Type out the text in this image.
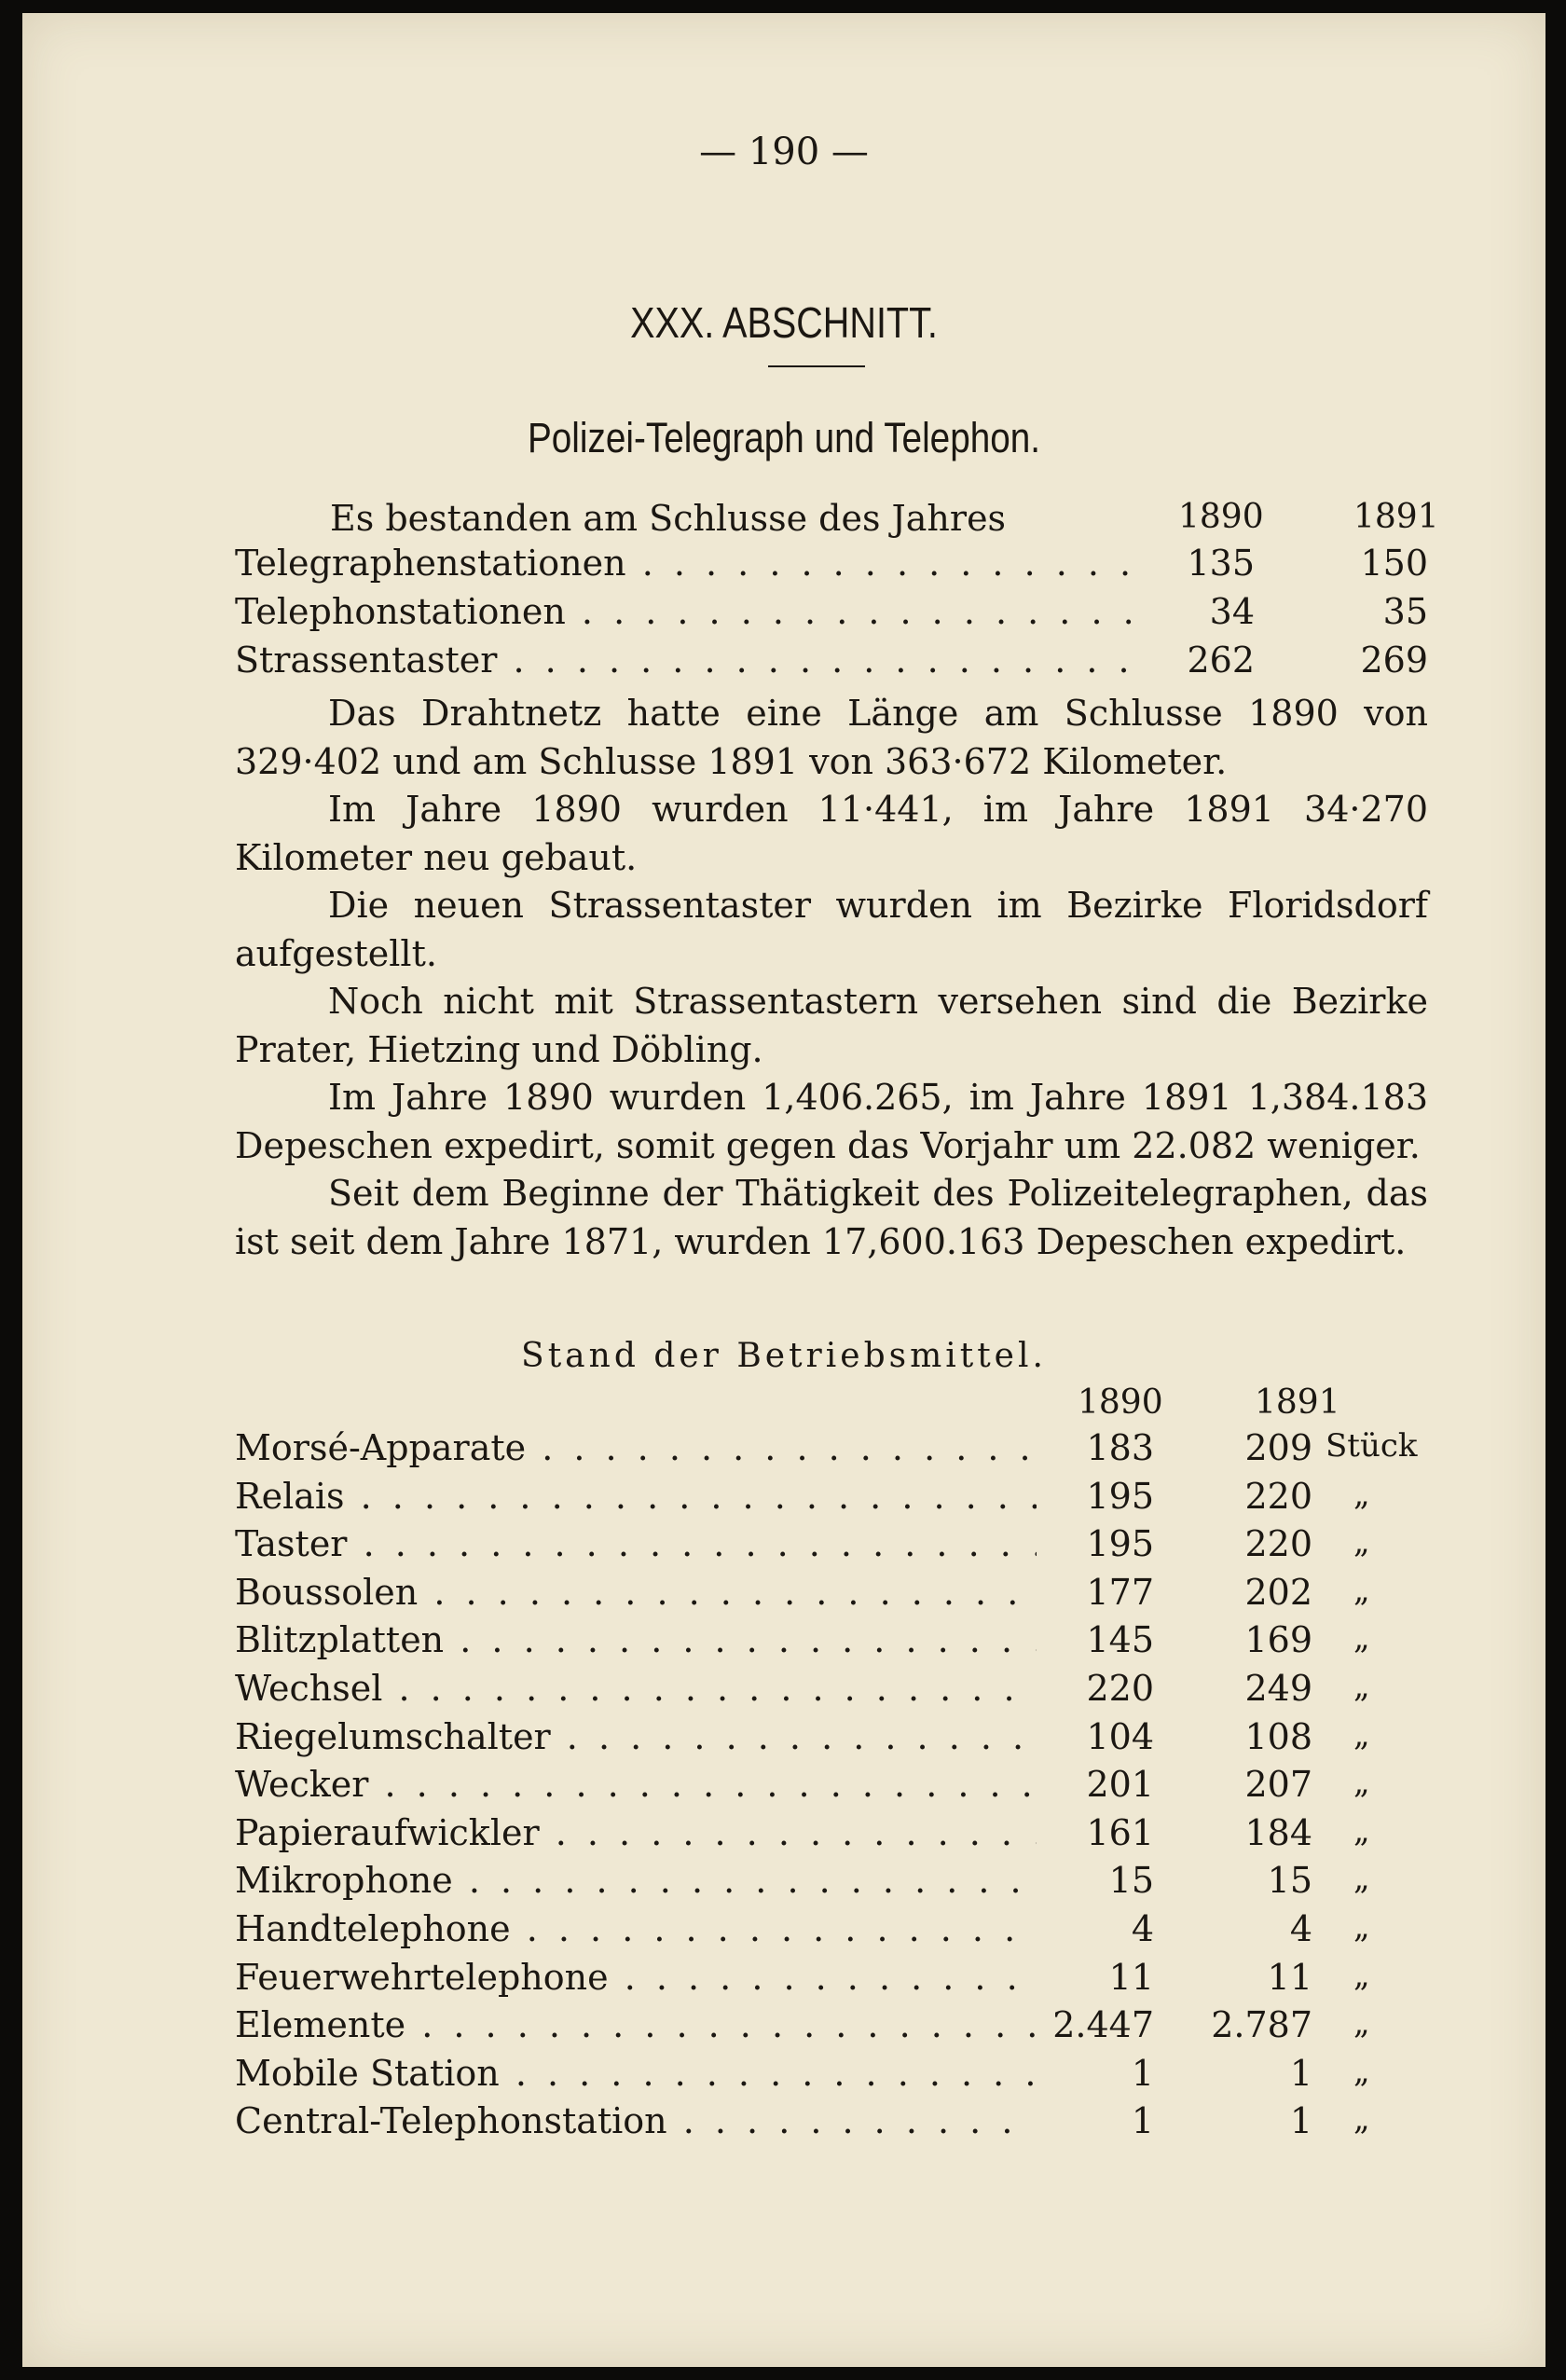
— 190 —
XXX. ABSCHNITT.
Polizei-Telegraph und Telephon.
Es bestanden am Schlusse des Jahres	1890	1891
Telegraphenstationen . . .	135	150
Telephonstationen . . .	34	35
Strassentaster . . .	262	269

Das Drahtnetz hatte eine Länge am Schlusse 1890 von 329·402 und am Schlusse 1891 von 363·672 Kilometer.

Im Jahre 1890 wurden 11·441, im Jahre 1891 34·270 Kilometer neu gebaut.

Die neuen Strassentaster wurden im Bezirke Floridsdorf aufgestellt.

Noch nicht mit Strassentastern versehen sind die Bezirke Prater, Hietzing und Döbling.

Im Jahre 1890 wurden 1,406.265, im Jahre 1891 1,384.183 Depeschen expedirt, somit gegen das Vorjahr um 22.082 weniger.

Seit dem Beginne der Thätigkeit des Polizeitelegraphen, das ist seit dem Jahre 1871, wurden 17,600.163 Depeschen expedirt.

Stand der Betriebsmittel.
1890	1891
Morsé-Apparate . . .	183	209 Stück
Relais . . .	195	220 „
Taster . . .	195	220 „
Boussolen . . .	177	202 „
Blitzplatten . . .	145	169 „
Wechsel . . .	220	249 „
Riegelumschalter . . .	104	108 „
Wecker . . .	201	207 „
Papieraufwickler . . .	161	184 „
Mikrophone . . .	15	15 „
Handtelephone . . .	4	4 „
Feuerwehrtelephone . . .	11	11 „
Elemente . . .	2.447 2.787 „
Mobile Station . . .	1	1 „
Central-Telephonstation . . .	1	1 „
